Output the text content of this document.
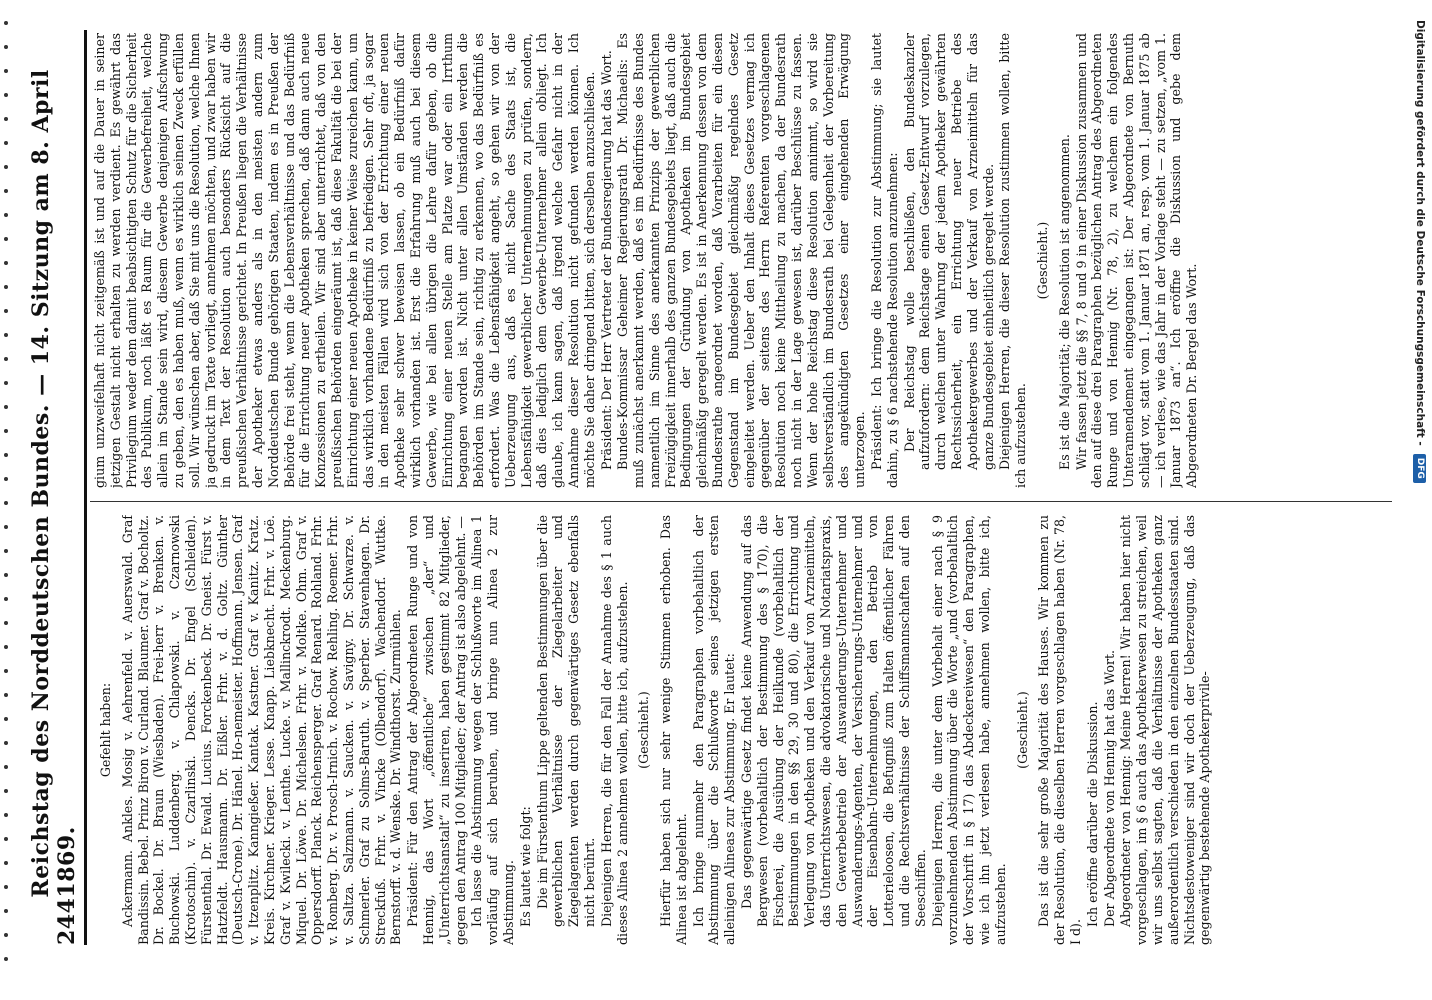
244
Reichstag des Norddeutschen Bundes. — 14. Sitzung am 8. April 1869.

Gefehlt haben: Ackermann. Ankles. Mosig v. Aehrenfeld. v. Auerswald. Graf Bandissin. Bebel. Prinz Biron v. Curland. Blaumer. Graf v. Bocholtz. Dr. Bockel. Dr. Braun (Wiesbaden). Frei-herr v. Brenken. v. Buchowski. Luddenberg. v. Chlapowski. v. Czarnowski (Krotoschin). v. Czarlinski. Dencks. Dr. Engel (Schleiden). Fürstenthal. Dr. Ewald. Lucius. Forckenbeck. Dr. Gneist. Fürst v. Hatzfeldt. Hausmann. Dr. Eißler. Frhr. v. d. Goltz. Günther (Deutsch-Crone). Dr. Hänel. Ho-nemeister. Hoffmann. Jensen. Graf v. Itzenplitz. Kanngießer. Kantak. Kastner. Graf v. Kanitz. Kratz. Kreis. Kirchner. Krieger. Lesse. Knapp. Liebknecht. Frhr. v. Loë. Graf v. Kwilecki. v. Lenthe. Lucke. v. Mallinckrodt. Meckenburg. Miquel. Dr. Löwe. Dr. Michelsen. Frhr. v. Moltke. Ohm. Graf v. Oppersdorff. Planck. Reichensperger. Graf Renard. Rohland. Frhr. v. Romberg. Dr. v. Prosch-Irnich. v. Rochow. Rehling. Roemer. Frhr. v. Saltza. Salzmann. v. Saucken. v. Savigny. Dr. Schwarze. v. Schmerler. Graf zu Solms-Baruth. v. Sperber. Stavenhagen. Dr. Streckfuß. Frhr. v. Vincke (Olbendorf). Wachendorf. Wuttke. Bernstorff. v. d. Wenske. Dr. Windthorst. Zurmühlen. Präsident: Für den Antrag der Abgeordneten Runge und von Hennig, das Wort „öffentliche“ zwischen „der“ und „Unterrichtsanstalt“ zu inseriren, haben gestimmt 82 Mitglieder, gegen den Antrag 100 Mitglieder; der Antrag ist also abgelehnt. — Ich lasse die Abstimmung wegen der Schlußworte im Alinea 1 vorläufig auf sich beruhen, und bringe nun Alinea 2 zur Abstimmung. Es lautet wie folgt: Die im Fürstenthum Lippe geltenden Bestimmungen über die gewerblichen Verhältnisse der Ziegelarbeiter und Ziegelagenten werden durch gegenwärtiges Gesetz ebenfalls nicht berührt. Diejenigen Herren, die für den Fall der Annahme des § 1 auch dieses Alinea 2 annehmen wollen, bitte ich, aufzustehen. (Geschieht.) Hierfür haben sich nur sehr wenige Stimmen erhoben. Das Alinea ist abgelehnt. Ich bringe nunmehr den Paragraphen vorbehaltlich der Abstimmung über die Schlußworte seines jetzigen ersten alleinigen Alineas zur Abstimmung. Er lautet: Das gegenwärtige Gesetz findet keine Anwendung auf das Bergwesen (vorbehaltlich der Bestimmung des § 170), die Fischerei, die Ausübung der Heilkunde (vorbehaltlich der Bestimmungen in den §§ 29, 30 und 80), die Errichtung und Verlegung von Apotheken und den Verkauf von Arzneimitteln, das Unterrichtswesen, die advokatorische und Notariatspraxis, den Gewerbebetrieb der Auswanderungs-Unternehmer und Auswanderungs-Agenten, der Versicherungs-Unternehmer und der Eisenbahn-Unternehmungen, den Betrieb von Lotterieloosen, die Befugniß zum Halten öffentlicher Fähren und die Rechtsverhältnisse der Schiffsmannschaften auf den Seeschiffen. Diejenigen Herren, die unter dem Vorbehalt einer nach § 9 vorzunehmenden Abstimmung über die Worte „und (vorbehaltlich der Vorschrift in § 17) das Abdeckereiwesen“ den Paragraphen, wie ich ihn jetzt verlesen habe, annehmen wollen, bitte ich, aufzustehen.

(Geschieht.) Das ist die sehr große Majorität des Hauses. Wir kommen zu der Resolution, die dieselben Herren vorgeschlagen haben (Nr. 78, I d).

Ich eröffne darüber die Diskussion. Der Abgeordnete von Hennig hat das Wort. Abgeordneter von Hennig: Meine Herren! Wir haben hier nicht vorgeschlagen, im § 6 auch das Apothekerwesen zu streichen, weil wir uns selbst sagten, daß die Verhältnisse der Apotheken ganz außerordentlich verschieden in den einzelnen Bundesstaaten sind. Nichtsdestoweniger sind wir doch der Ueberzeugung, daß das gegenwärtig bestehende Apothekerprivile-

gium unzweifelhaft nicht zeitgemäß ist und auf die Dauer in seiner jetzigen Gestalt nicht erhalten zu werden verdient. Es gewährt das Privilegium weder dem damit beabsichtigten Schutz für die Sicherheit des Publikum, noch läßt es Raum für die Gewerbefreiheit, welche allein im Stande sein wird, diesem Gewerbe denjenigen Aufschwung zu geben, den es haben muß, wenn es wirklich seinen Zweck erfüllen soll. Wir wünschen aber, daß Sie mit uns die Resolution, welche Ihnen ja gedruckt im Texte vorliegt, annehmen möchten, und zwar haben wir in dem Text der Resolution auch besonders Rücksicht auf die preußischen Verhältnisse gerichtet. In Preußen liegen die Verhältnisse der Apotheker etwas anders als in den meisten andern zum Norddeutschen Bunde gehörigen Staaten, indem es in Preußen der Behörde frei steht, wenn die Lebensverhältnisse und das Bedürfniß für die Errichtung neuer Apotheken sprechen, daß dann auch neue Konzessionen zu ertheilen. Wir sind aber unterrichtet, daß von den preußischen Behörden eingeräumt ist, daß diese Fakultät die bei der Einrichtung einer neuen Apotheke in keiner Weise zureichen kann, um das wirklich vorhandene Bedürfniß zu befriedigen. Sehr oft, ja sogar in den meisten Fällen wird sich von der Errichtung einer neuen Apotheke sehr schwer beweisen lassen, ob ein Bedürfniß dafür wirklich vorhanden ist. Erst die Erfahrung muß auch bei diesem Gewerbe, wie bei allen übrigen die Lehre dafür geben, ob die Einrichtung einer neuen Stelle am Platze war oder ein Irrthum begangen worden ist. Nicht unter allen Umständen werden die Behörden im Stande sein, richtig zu erkennen, wo das Bedürfniß es erfordert. Was die Lebensfähigkeit angeht, so gehen wir von der Ueberzeugung aus, daß es nicht Sache des Staats ist, die Lebensfähigkeit gewerblicher Unternehmungen zu prüfen, sondern, daß dies lediglich dem Gewerbe-Unternehmer allein obliegt. Ich glaube, ich kann sagen, daß irgend welche Gefahr nicht in der Annahme dieser Resolution nicht gefunden werden können. Ich möchte Sie daher dringend bitten, sich derselben anzuschließen. Präsident: Der Herr Vertreter der Bundesregierung hat das Wort. Bundes-Kommissar Geheimer Regierungsrath Dr. Michaelis: Es muß zunächst anerkannt werden, daß es im Bedürfnisse des Bundes namentlich im Sinne des anerkannten Prinzips der gewerblichen Freizügigkeit innerhalb des ganzen Bundesgebiets liegt, daß auch die Bedingungen der Gründung von Apotheken im Bundesgebiet gleichmäßig geregelt werden. Es ist in Anerkennung dessen von dem Bundesrathe angeordnet worden, daß Vorarbeiten für ein diesen Gegenstand im Bundesgebiet gleichmäßig regelndes Gesetz eingeleitet werden. Ueber den Inhalt dieses Gesetzes vermag ich gegenüber der seitens des Herrn Referenten vorgeschlagenen Resolution noch keine Mittheilung zu machen, da der Bundesrath noch nicht in der Lage gewesen ist, darüber Beschlüsse zu fassen. Wenn der hohe Reichstag diese Resolution annimmt, so wird sie selbstverständlich im Bundesrath bei Gelegenheit der Vorbereitung des angekündigten Gesetzes einer eingehenden Erwägung unterzogen. Präsident: Ich bringe die Resolution zur Abstimmung; sie lautet dahin, zu § 6 nachstehende Resolution anzunehmen: Der Reichstag wolle beschließen, den Bundeskanzler aufzufordern: dem Reichstage einen Gesetz-Entwurf vorzulegen, durch welchen unter Wahrung der jedem Apotheker gewährten Rechtssicherheit, ein Errichtung neuer Betriebe des Apothekergewerbes und der Verkauf von Arzneimitteln für das ganze Bundesgebiet einheitlich geregelt werde. Diejenigen Herren, die dieser Resolution zustimmen wollen, bitte ich aufzustehen.

(Geschieht.) Es ist die Majorität; die Resolution ist angenommen. Wir fassen jetzt die §§ 7, 8 und 9 in einer Diskussion zusammen und den auf diese drei Paragraphen bezüglichen Antrag des Abgeordneten Runge und von Hennig (Nr. 78, 2), zu welchem ein folgendes Unteramendement eingegangen ist: Der Abgeordnete von Bernuth schlägt vor, statt vom 1. Januar 1871 an, resp. vom 1. Januar 1875 ab — ich verlese, wie das Jahr in der Vorlage steht — zu setzen, „vom 1. Januar 1873 an“. Ich eröffne die Diskussion und gebe dem Abgeordneten Dr. Bergel das Wort.	Digitalisierung gefördert durch die Deutsche Forschungsgemeinschaft -
DFG
